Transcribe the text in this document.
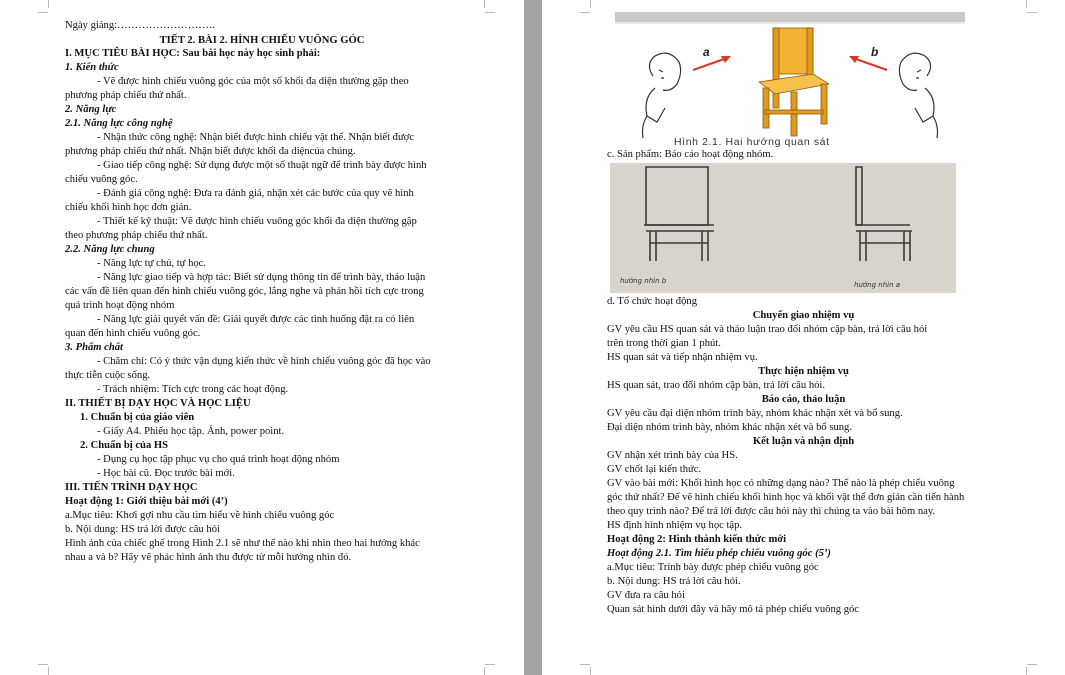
Ngày giảng:……………………….
TIẾT 2. BÀI 2. HÌNH CHIẾU VUÔNG GÓC
I. MỤC TIÊU BÀI HỌC: Sau bài học này học sinh phải:
1. Kiến thức
- Vẽ được hình chiếu vuông góc của một số khối đa diện thường gặp theo
phương pháp chiếu thứ nhất.
2. Năng lực
2.1. Năng lực công nghệ
- Nhận thức công nghệ: Nhận biết được hình chiếu vật thể. Nhận biết được
phương pháp chiếu thứ nhất. Nhận biết được khối đa diệncủa chúng.
- Giao tiếp công nghệ: Sử dụng được một số thuật ngữ để trình bày được hình
chiếu vuông góc.
- Đánh giá công nghệ: Đưa ra đánh giá, nhận xét các bước của quy vẽ hình
chiếu khối hình học đơn giản.
- Thiết kế kỹ thuật: Vẽ được hình chiếu vuông góc khối đa diện thường gặp
theo phương pháp chiếu thứ nhất.
2.2. Năng lực chung
- Năng lực tự chủ, tự học.
- Năng lực giao tiếp và hợp tác: Biết sử dụng thông tin để trình bày, thảo luận
các vấn đề liên quan đến hình chiếu vuông góc, lắng nghe và phản hồi tích cực trong
quá trình hoạt động nhóm
- Năng lực giải quyết vấn đề: Giải quyết được các tình huống đặt ra có liên
quan đến hình chiếu vuông góc.
3. Phẩm chất
- Chăm chỉ: Có ý thức vận dụng kiến thức về hình chiếu vuông góc đã học vào
thực tiễn cuộc sống.
- Trách nhiệm: Tích cực trong các hoạt động.
II. THIẾT BỊ DẠY HỌC VÀ HỌC LIỆU
1. Chuẩn bị của giáo viên
- Giấy A4. Phiếu học tập. Ảnh, power point.
2. Chuẩn bị của HS
- Dụng cụ học tập phục vụ cho quá trình hoạt động nhóm
- Học bài cũ. Đọc trước bài mới.
III. TIẾN TRÌNH DẠY HỌC
Hoạt động 1: Giới thiệu bài mới (4’)
a.Mục tiêu: Khơi gợi nhu cầu tìm hiểu về hình chiếu vuông góc
b. Nội dung: HS trả lời được câu hỏi
Hình ảnh của chiếc ghế trong Hình 2.1 sẽ như thế nào khi nhìn theo hai hướng khác
nhau a và b? Hãy vẽ phác hình ảnh thu được từ mỗi hướng nhìn đó.
a	b
Hình 2.1. Hai hướng quan sát
c. Sản phẩm: Báo cáo hoạt động nhóm.
hướng nhìn b	hướng nhìn a
d. Tổ chức hoạt động
Chuyển giao nhiệm vụ
GV yêu cầu HS quan sát và thảo luận trao đổi nhóm cặp bàn, trả lời câu hỏi
trên trong thời gian 1 phút.
HS quan sát và tiếp nhận nhiệm vụ.
Thực hiện nhiệm vụ
HS quan sát, trao đổi nhóm cặp bàn, trả lời câu hỏi.
Báo cáo, thảo luận
GV yêu cầu đại diện nhóm trình bày, nhóm khác nhận xét và bổ sung.
Đại diện nhóm trình bày, nhóm khác nhận xét và bổ sung.
Kết luận và nhận định
GV nhận xét trình bày của HS.
GV chốt lại kiến thức.
GV vào bài mới: Khối hình học có những dạng nào? Thế nào là phép chiếu vuông
góc thứ nhất? Để vẽ hình chiếu khối hình học và khối vật thể đơn giản cần tiến hành
theo quy trình nào? Để trả lời được câu hỏi này thì chúng ta vào bài hôm nay.
HS định hình nhiệm vụ học tập.
Hoạt động 2: Hình thành kiến thức mới
Hoạt động 2.1. Tìm hiểu phép chiếu vuông góc (5’)
a.Mục tiêu: Trình bày được phép chiếu vuông góc
b. Nội dung: HS trả lời câu hỏi.
GV đưa ra câu hỏi
Quan sát hình dưới đây và hãy mô tả phép chiếu vuông góc
